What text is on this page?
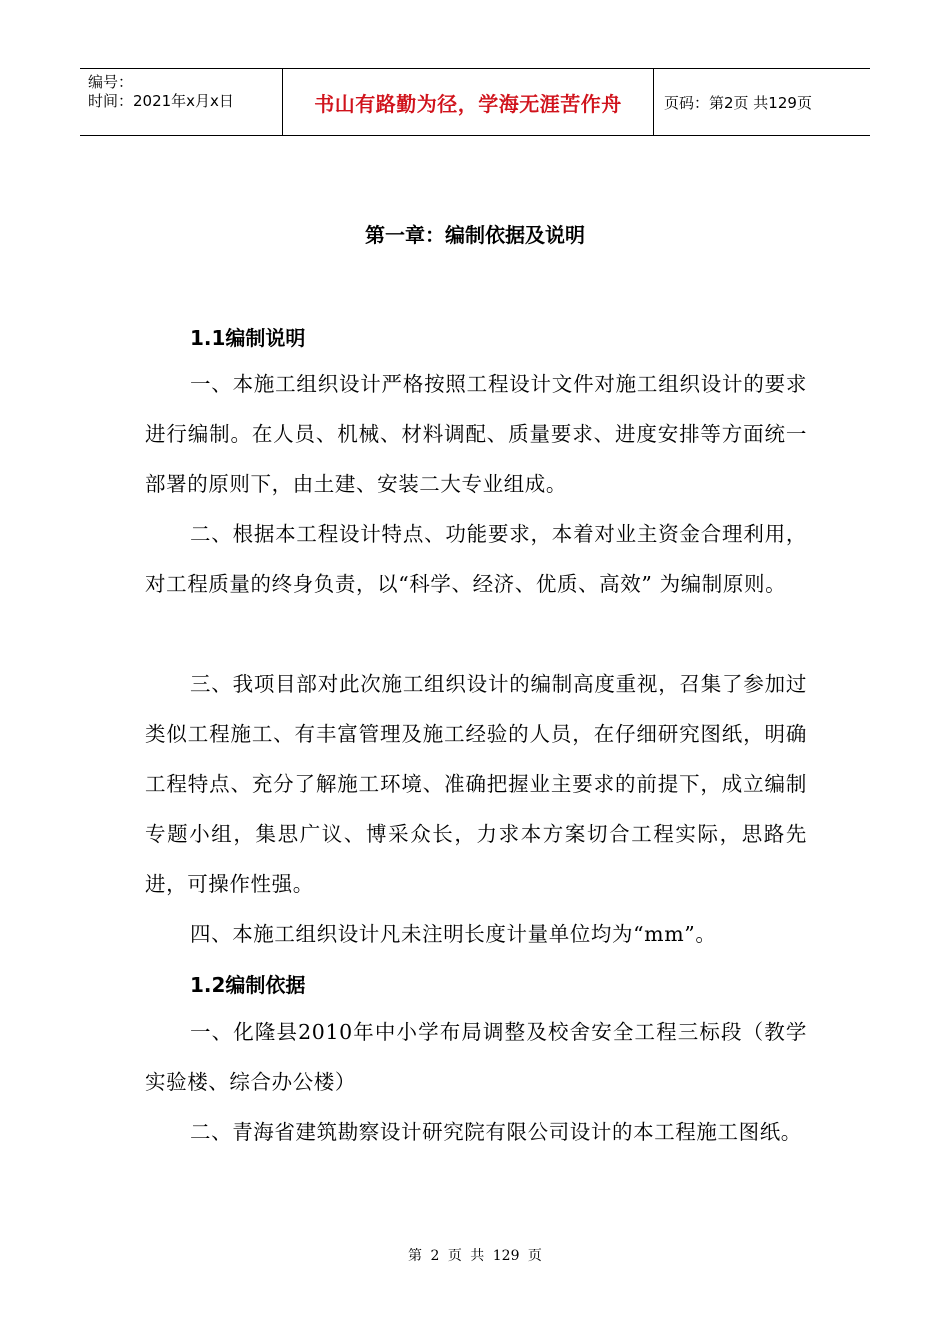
编号：
时间：2021年x月x日	书山有路勤为径，学海无涯苦作舟	页码：第2页 共129页
第一章：编制依据及说明
1.1编制说明
一、本施工组织设计严格按照工程设计文件对施工组织设计的要求进行编制。在人员、机械、材料调配、质量要求、进度安排等方面统一部署的原则下，由土建、安装二大专业组成。
二、根据本工程设计特点、功能要求，本着对业主资金合理利用，对工程质量的终身负责，以“科学、经济、优质、高效” 为编制原则。
三、我项目部对此次施工组织设计的编制高度重视，召集了参加过类似工程施工、有丰富管理及施工经验的人员，在仔细研究图纸，明确工程特点、充分了解施工环境、准确把握业主要求的前提下，成立编制专题小组，集思广议、博采众长，力求本方案切合工程实际，思路先进，可操作性强。
四、本施工组织设计凡未注明长度计量单位均为“mm”。
1.2编制依据
一、化隆县2010年中小学布局调整及校舍安全工程三标段（教学实验楼、综合办公楼）
二、青海省建筑勘察设计研究院有限公司设计的本工程施工图纸。
第 2 页 共 129 页
